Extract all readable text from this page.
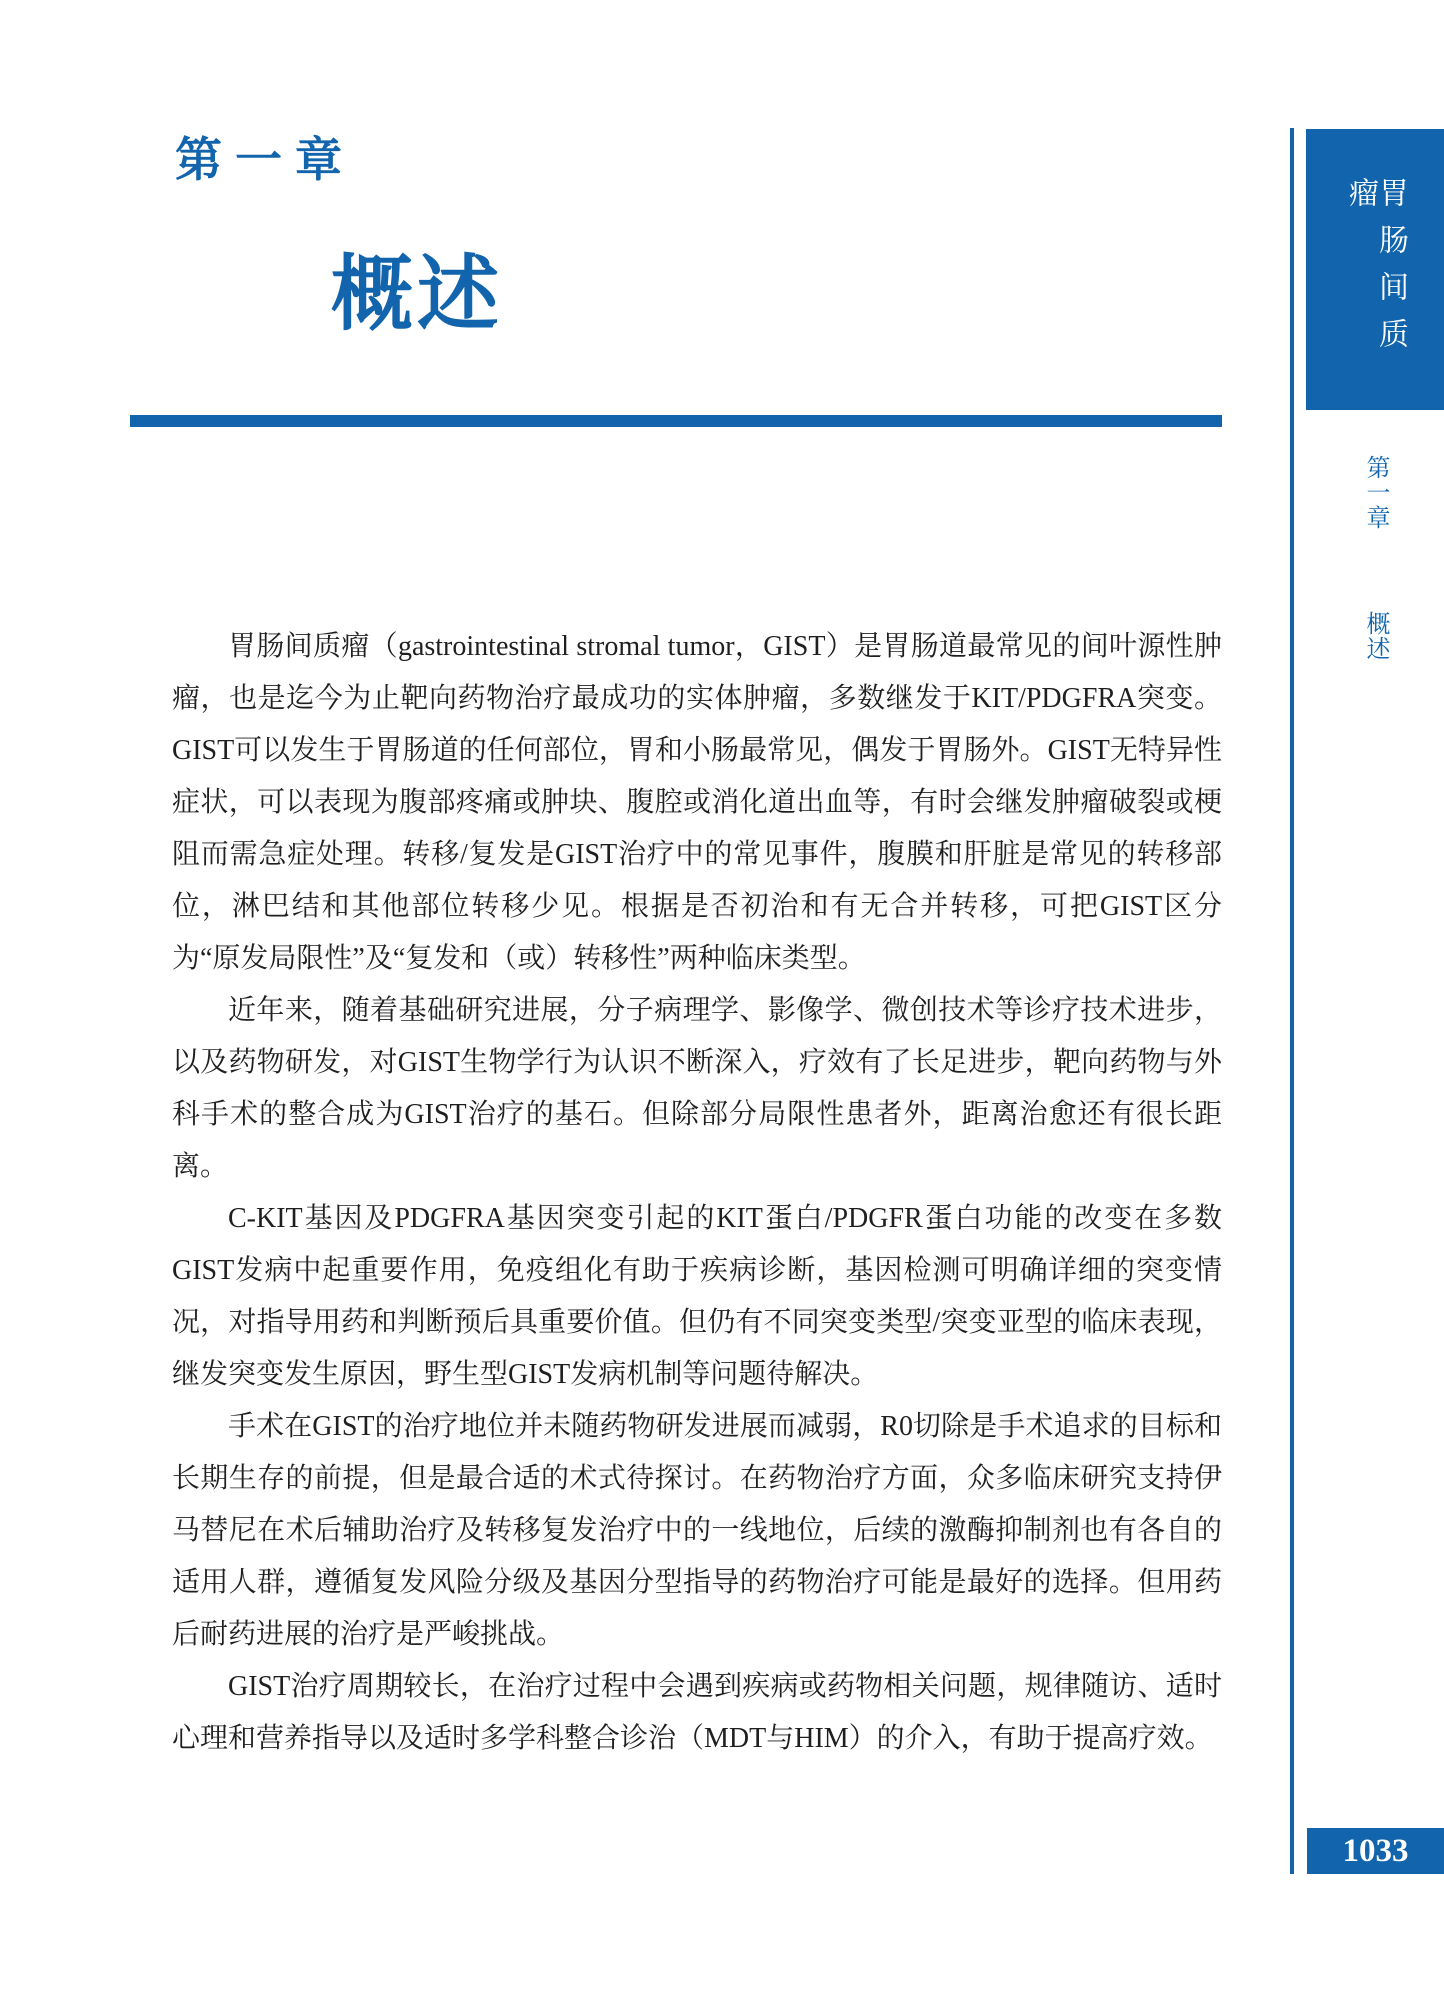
第一章
概述

胃肠间质瘤（gastrointestinal stromal tumor，GIST）是胃肠道最常见的间叶源性肿瘤，也是迄今为止靶向药物治疗最成功的实体肿瘤，多数继发于KIT/PDGFRA突变。GIST可以发生于胃肠道的任何部位，胃和小肠最常见，偶发于胃肠外。GIST无特异性症状，可以表现为腹部疼痛或肿块、腹腔或消化道出血等，有时会继发肿瘤破裂或梗阻而需急症处理。转移/复发是GIST治疗中的常见事件，腹膜和肝脏是常见的转移部位，淋巴结和其他部位转移少见。根据是否初治和有无合并转移，可把GIST区分为“原发局限性”及“复发和（或）转移性”两种临床类型。

近年来，随着基础研究进展，分子病理学、影像学、微创技术等诊疗技术进步，以及药物研发，对GIST生物学行为认识不断深入，疗效有了长足进步，靶向药物与外科手术的整合成为GIST治疗的基石。但除部分局限性患者外，距离治愈还有很长距离。

C-KIT基因及PDGFRA基因突变引起的KIT蛋白/PDGFR蛋白功能的改变在多数GIST发病中起重要作用，免疫组化有助于疾病诊断，基因检测可明确详细的突变情况，对指导用药和判断预后具重要价值。但仍有不同突变类型/突变亚型的临床表现，继发突变发生原因，野生型GIST发病机制等问题待解决。

手术在GIST的治疗地位并未随药物研发进展而减弱，R0切除是手术追求的目标和长期生存的前提，但是最合适的术式待探讨。在药物治疗方面，众多临床研究支持伊马替尼在术后辅助治疗及转移复发治疗中的一线地位，后续的激酶抑制剂也有各自的适用人群，遵循复发风险分级及基因分型指导的药物治疗可能是最好的选择。但用药后耐药进展的治疗是严峻挑战。

GIST治疗周期较长，在治疗过程中会遇到疾病或药物相关问题，规律随访、适时心理和营养指导以及适时多学科整合诊治（MDT与HIM）的介入，有助于提高疗效。

胃肠间质瘤
第一章
概述
1033
